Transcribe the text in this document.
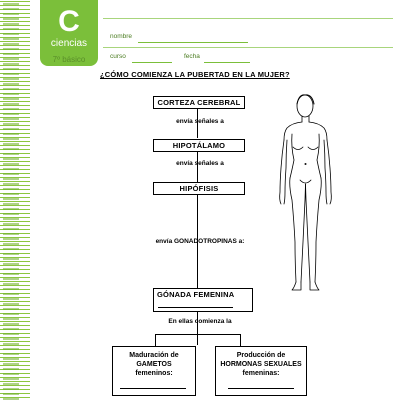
C
ciencias
7º básico
nombre
curso	fecha
¿CÓMO COMIENZA LA PUBERTAD EN LA MUJER?
CORTEZA CEREBRAL
envía señales a
HIPOTÁLAMO
envía señales a
HIPÓFISIS
envía GONADOTROPINAS a:
GÓNADA FEMENINA
En ellas comienza la
Maduración de
GAMETOS
femeninos:
Producción de
HORMONAS SEXUALES
femeninas:
